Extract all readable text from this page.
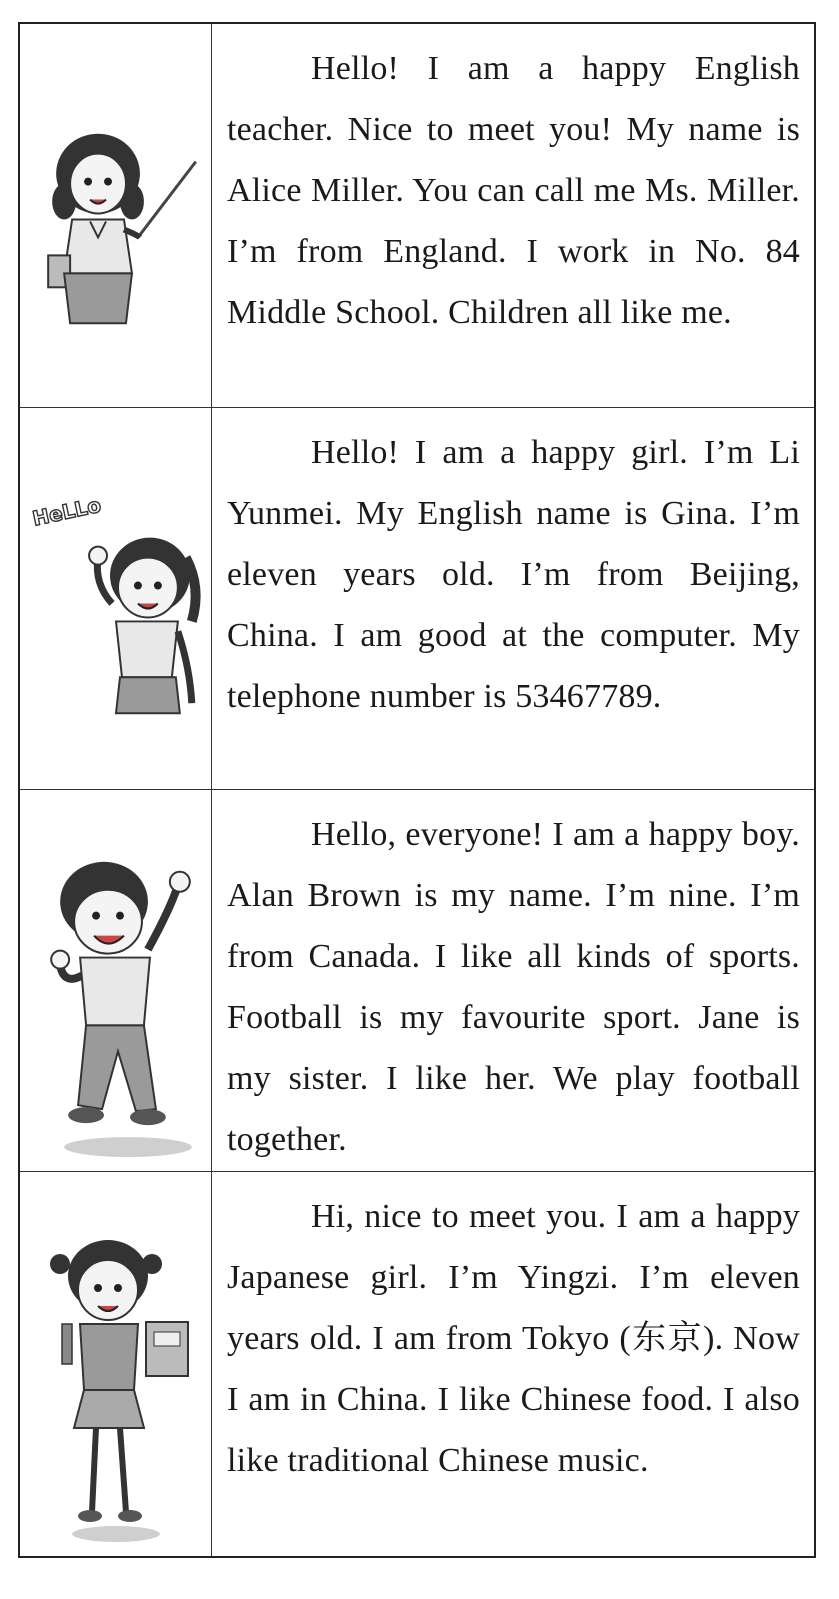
Hello! I am a happy English teacher. Nice to meet you! My name is Alice Miller. You can call me Ms. Miller. I’m from England. I work in No. 84 Middle School. Children all like me.
HeLLo
Hello! I am a happy girl. I’m Li Yunmei. My English name is Gina. I’m eleven years old. I’m from Beijing, China. I am good at the computer. My telephone number is 53467789.
Hello, everyone! I am a happy boy. Alan Brown is my name. I’m nine. I’m from Canada. I like all kinds of sports. Football is my favourite sport. Jane is my sister. I like her. We play football together.
Hi, nice to meet you. I am a happy Japanese girl. I’m Yingzi. I’m eleven years old. I am from Tokyo (东京). Now I am in China. I like Chinese food. I also like traditional Chinese music.
